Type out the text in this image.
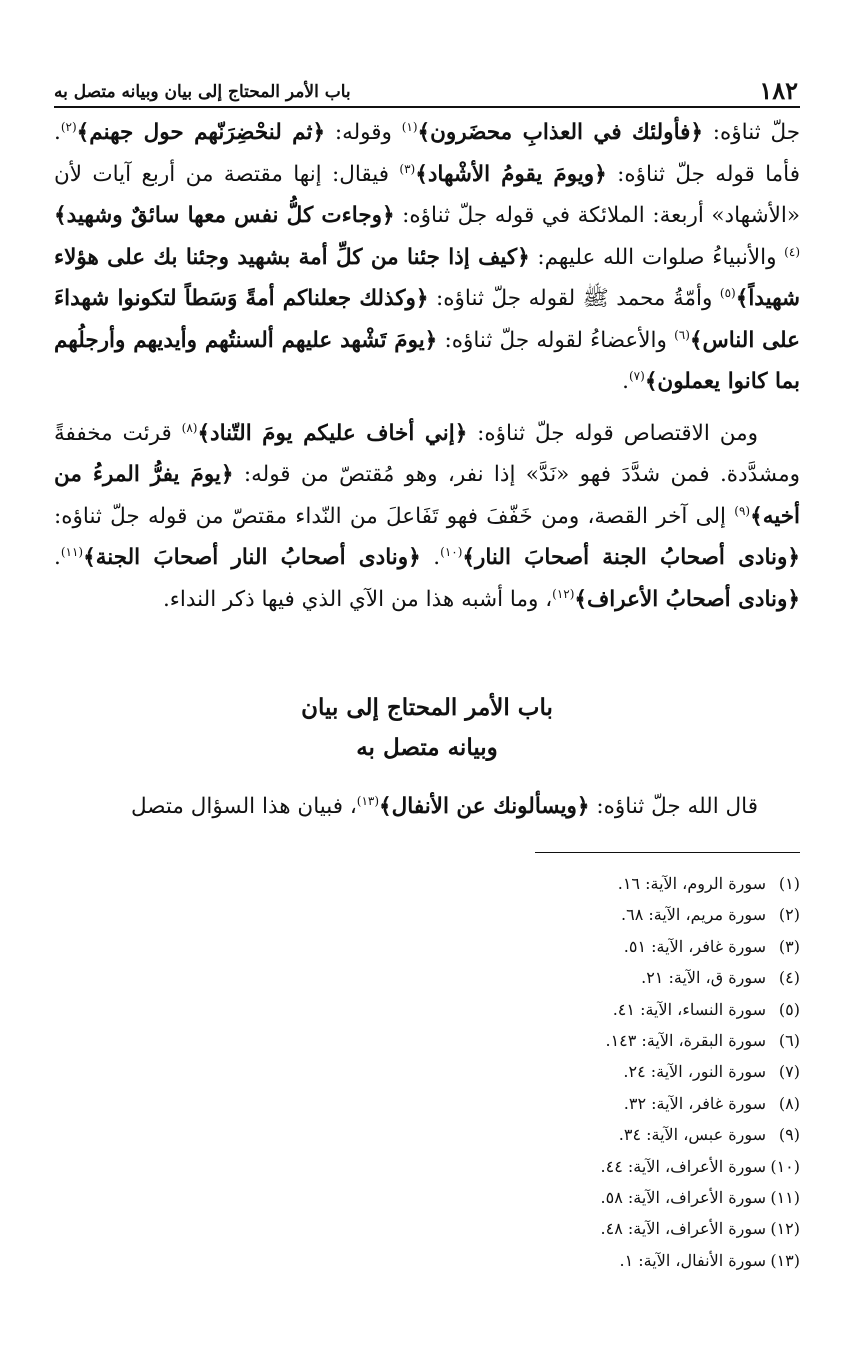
١٨٢
باب الأمر المحتاج إلى بيان وبيانه متصل به

جلّ ثناؤه: ﴿فأولئك في العذابِ محضَرون﴾$^{(١)}$ وقوله: ﴿ثم لنحْضِرَنّهم حول جهنم﴾$^{(٢)}$. فأما قوله جلّ ثناؤه: ﴿ويومَ يقومُ الأشْهاد﴾$^{(٣)}$ فيقال: إنها مقتصة من أربع آيات لأن «الأشهاد» أربعة: الملائكة في قوله جلّ ثناؤه: ﴿وجاءت كلُّ نفس معها سائقٌ وشهيد﴾$^{(٤)}$ والأنبياءُ صلوات الله عليهم: ﴿كيف إذا جئنا من كلِّ أمة بشهيد وجئنا بك على هؤلاء شهيداً﴾$^{(٥)}$ وأمّةُ محمد ﷺ لقوله جلّ ثناؤه: ﴿وكذلك جعلناكم أمةً وَسَطاً لتكونوا شهداءَ على الناس﴾$^{(٦)}$ والأعضاءُ لقوله جلّ ثناؤه: ﴿يومَ تَشْهد عليهم ألسنتُهم وأيديهم وأرجلُهم بما كانوا يعملون﴾$^{(٧)}$.

ومن الاقتصاص قوله جلّ ثناؤه: ﴿إني أخاف عليكم يومَ التّناد﴾$^{(٨)}$ قرئت مخففةً ومشدَّدة. فمن شدَّدَ فهو «نَدَّ» إذا نفر، وهو مُقتصّ من قوله: ﴿يومَ يفرُّ المرءُ من أخيه﴾$^{(٩)}$ إلى آخر القصة، ومن خَفّفَ فهو تَفَاعلَ من النّداء مقتصّ من قوله جلّ ثناؤه: ﴿ونادى أصحابُ الجنة أصحابَ النار﴾$^{(١٠)}$. ﴿ونادى أصحابُ النار أصحابَ الجنة﴾$^{(١١)}$. ﴿ونادى أصحابُ الأعراف﴾$^{(١٢)}$، وما أشبه هذا من الآي الذي فيها ذكر النداء.

باب الأمر المحتاج إلى بيان
وبيانه متصل به

قال الله جلّ ثناؤه: ﴿ويسألونك عن الأنفال﴾$^{(١٣)}$، فبيان هذا السؤال متصل

(١)سورة الروم، الآية: ١٦.
(٢)سورة مريم، الآية: ٦٨.
(٣)سورة غافر، الآية: ٥١.
(٤)سورة ق، الآية: ٢١.
(٥)سورة النساء، الآية: ٤١.
(٦)سورة البقرة، الآية: ١٤٣.
(٧)سورة النور، الآية: ٢٤.
(٨)سورة غافر، الآية: ٣٢.
(٩)سورة عبس، الآية: ٣٤.
(١٠)سورة الأعراف، الآية: ٤٤.
(١١)سورة الأعراف، الآية: ٥٨.
(١٢)سورة الأعراف، الآية: ٤٨.
(١٣)سورة الأنفال، الآية: ١.
